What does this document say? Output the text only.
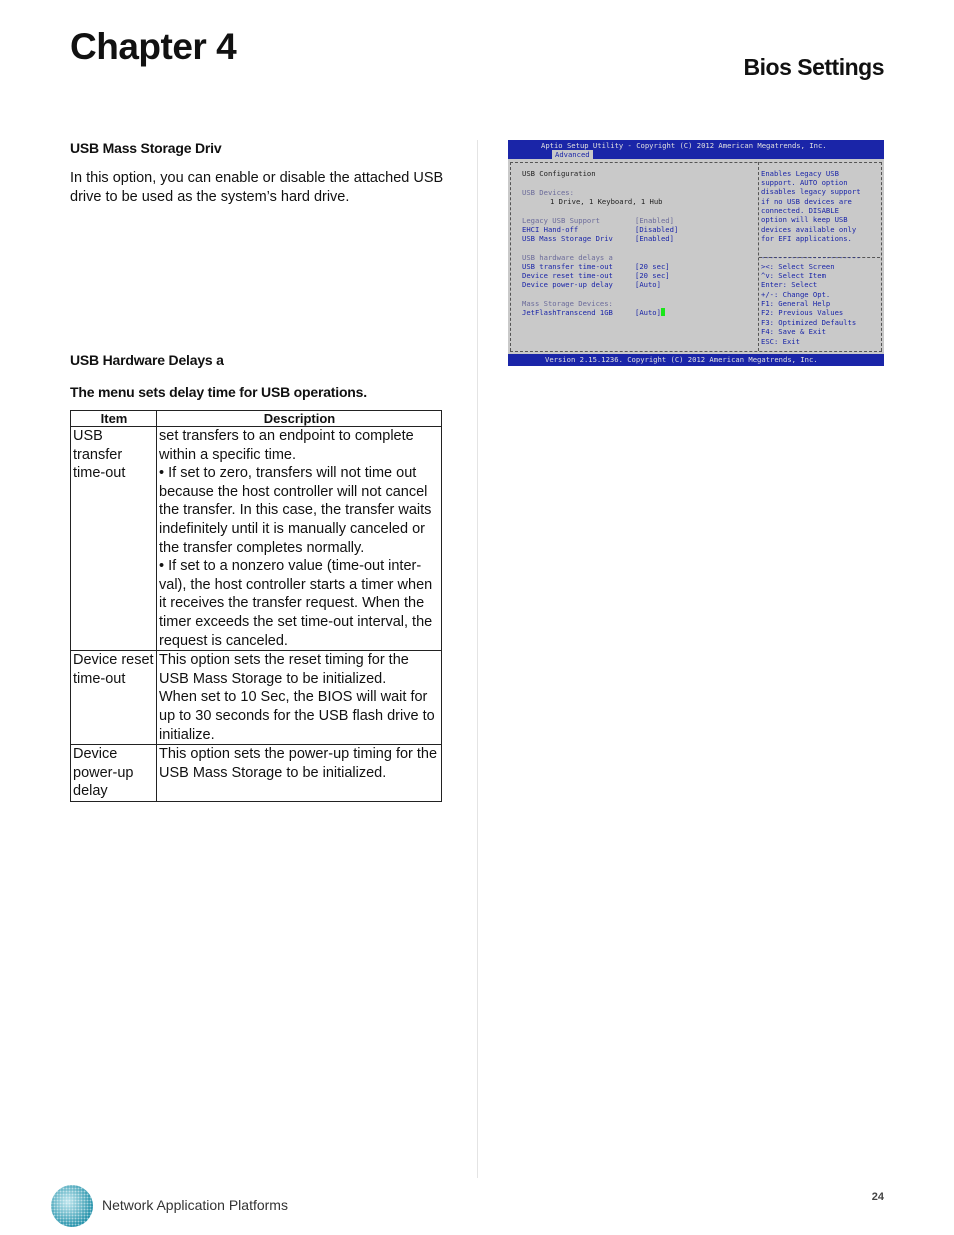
Chapter 4	Bios Settings
USB Mass Storage Driv

In this option, you can enable or disable the attached USB drive to be used as the system’s hard drive.

USB Hardware Delays a
The menu sets delay time for USB operations.
Item	Description
USB transfer time-out	set transfers to an endpoint to complete within a specific time.
• If set to zero, transfers will not time out because the host controller will not cancel the transfer. In this case, the transfer waits indefinitely until it is manually canceled or the transfer completes normally.
• If set to a nonzero value (time-out inter-val), the host controller starts a timer when it receives the transfer request. When the timer exceeds the set time-out interval, the request is canceled.

Device reset time-out	This option sets the reset timing for the USB Mass Storage to be initialized.
When set to 10 Sec, the BIOS will wait for up to 30 seconds for the USB flash drive to initialize.

Device power-up delay	This option sets the power-up timing for the USB Mass Storage to be initialized.
Aptio Setup Utility - Copyright (C) 2012 American Megatrends, Inc.
Advanced
USB Configuration
USB Devices:
1 Drive, 1 Keyboard, 1 Hub
Legacy USB Support	[Enabled]
EHCI Hand-off	[Disabled]
USB Mass Storage Driv	[Enabled]
USB hardware delays a
USB transfer time-out	[20 sec]
Device reset time-out	[20 sec]
Device power-up delay	[Auto]
Mass Storage Devices:
JetFlashTranscend 1GB	[Auto]
Enables Legacy USB
support. AUTO option
disables legacy support
if no USB devices are
connected. DISABLE
option will keep USB
devices available only
for EFI applications.
-----------------------
><: Select Screen
^v: Select Item
Enter: Select
+/-: Change Opt.
F1: General Help
F2: Previous Values
F3: Optimized Defaults
F4: Save & Exit
ESC: Exit
Version 2.15.1236. Copyright (C) 2012 American Megatrends, Inc.

Network Application Platforms	24
